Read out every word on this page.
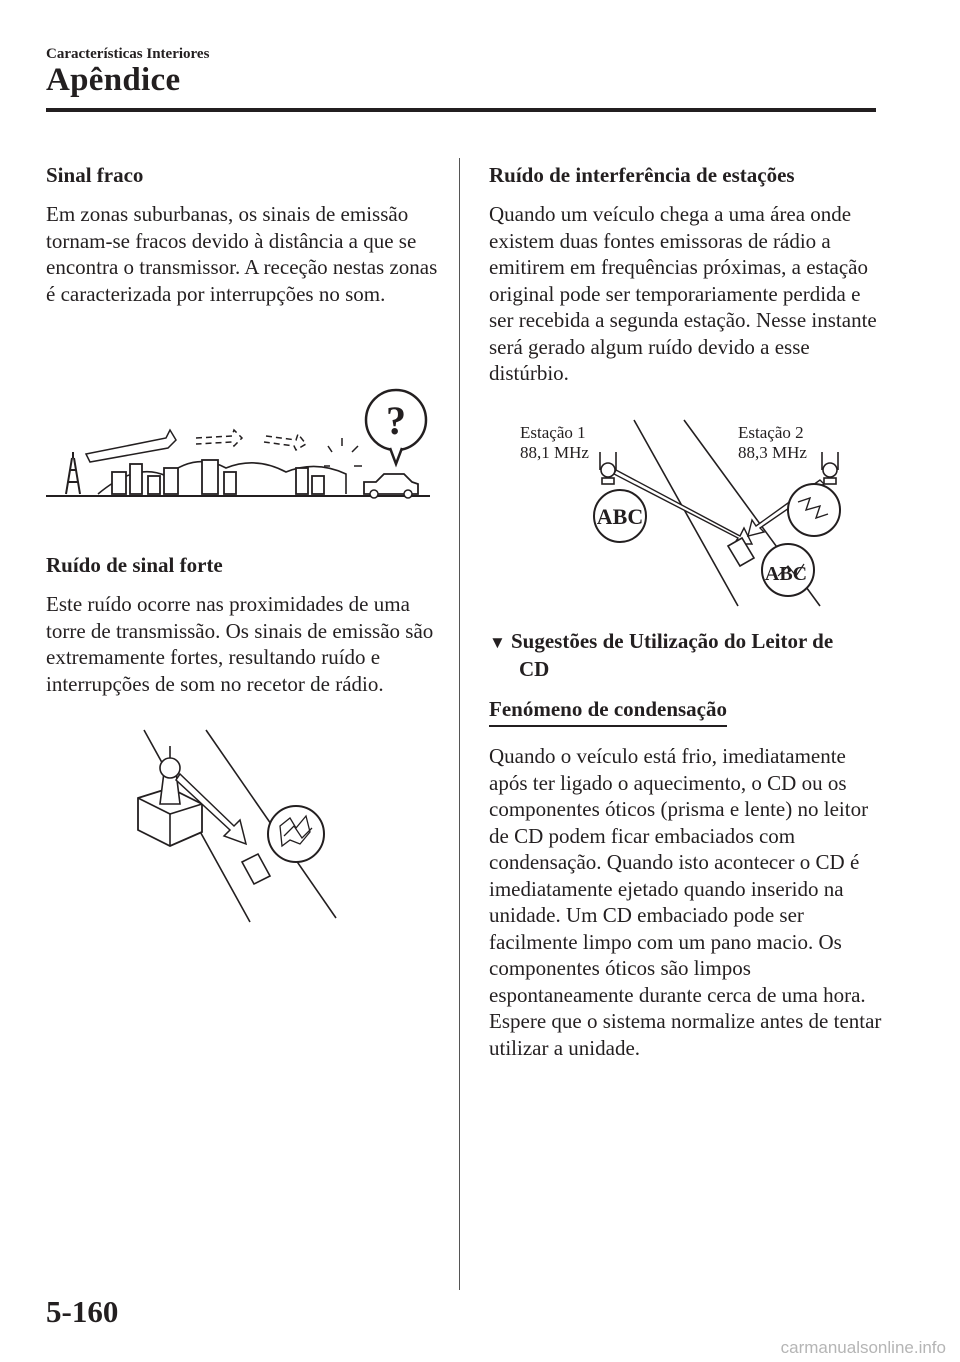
Características Interiores
Apêndice
Sinal fraco

Em zonas suburbanas, os sinais de emissão tornam-se fracos devido à distância a que se encontra o transmissor. A receção nestas zonas é caracterizada por interrupções no som.

?
Ruído de sinal forte

Este ruído ocorre nas proximidades de uma torre de transmissão. Os sinais de emissão são extremamente fortes, resultando ruído e interrupções de som no recetor de rádio.

Ruído de interferência de estações

Quando um veículo chega a uma área onde existem duas fontes emissoras de rádio a emitirem em frequências próximas, a estação original pode ser temporariamente perdida e ser recebida a segunda estação. Nesse instante será gerado algum ruído devido a esse distúrbio.

Estação 1
88,1 MHz
Estação 2
88,3 MHz
ABC
ABC
▼ Sugestões de Utilização do Leitor de
CD
Fenómeno de condensação

Quando o veículo está frio, imediatamente após ter ligado o aquecimento, o CD ou os componentes óticos (prisma e lente) no leitor de CD podem ficar embaciados com condensação. Quando isto acontecer o CD é imediatamente ejetado quando inserido na unidade. Um CD embaciado pode ser facilmente limpo com um pano macio. Os componentes óticos são limpos espontaneamente durante cerca de uma hora. Espere que o sistema normalize antes de tentar utilizar a unidade.

5-160
carmanualsonline.info
